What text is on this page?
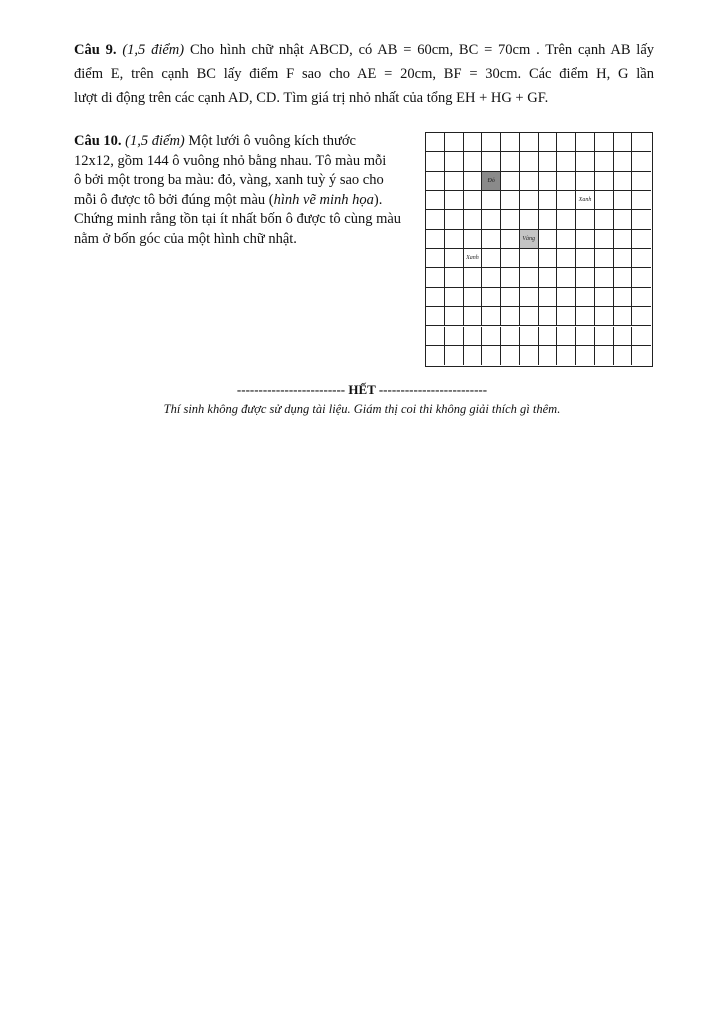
Câu 9. (1,5 điểm) Cho hình chữ nhật ABCD, có AB = 60cm, BC = 70cm . Trên cạnh AB lấy
điểm E, trên cạnh BC lấy điểm F sao cho AE = 20cm, BF = 30cm. Các điểm H, G lần
lượt di động trên các cạnh AD, CD. Tìm giá trị nhỏ nhất của tổng EH + HG + GF.
Câu 10. (1,5 điểm) Một lưới ô vuông kích thước
12x12, gồm 144 ô vuông nhỏ bằng nhau. Tô màu mỗi
ô bởi một trong ba màu: đỏ, vàng, xanh tuỳ ý sao cho
mỗi ô được tô bởi đúng một màu (hình vẽ minh họa).
Chứng minh rằng tồn tại ít nhất bốn ô được tô cùng màu
nằm ở bốn góc của một hình chữ nhật.
Đỏ
Xanh
Vàng
Xanh
------------------------- HẾT -------------------------
Thí sinh không được sử dụng tài liệu. Giám thị coi thi không giải thích gì thêm.
